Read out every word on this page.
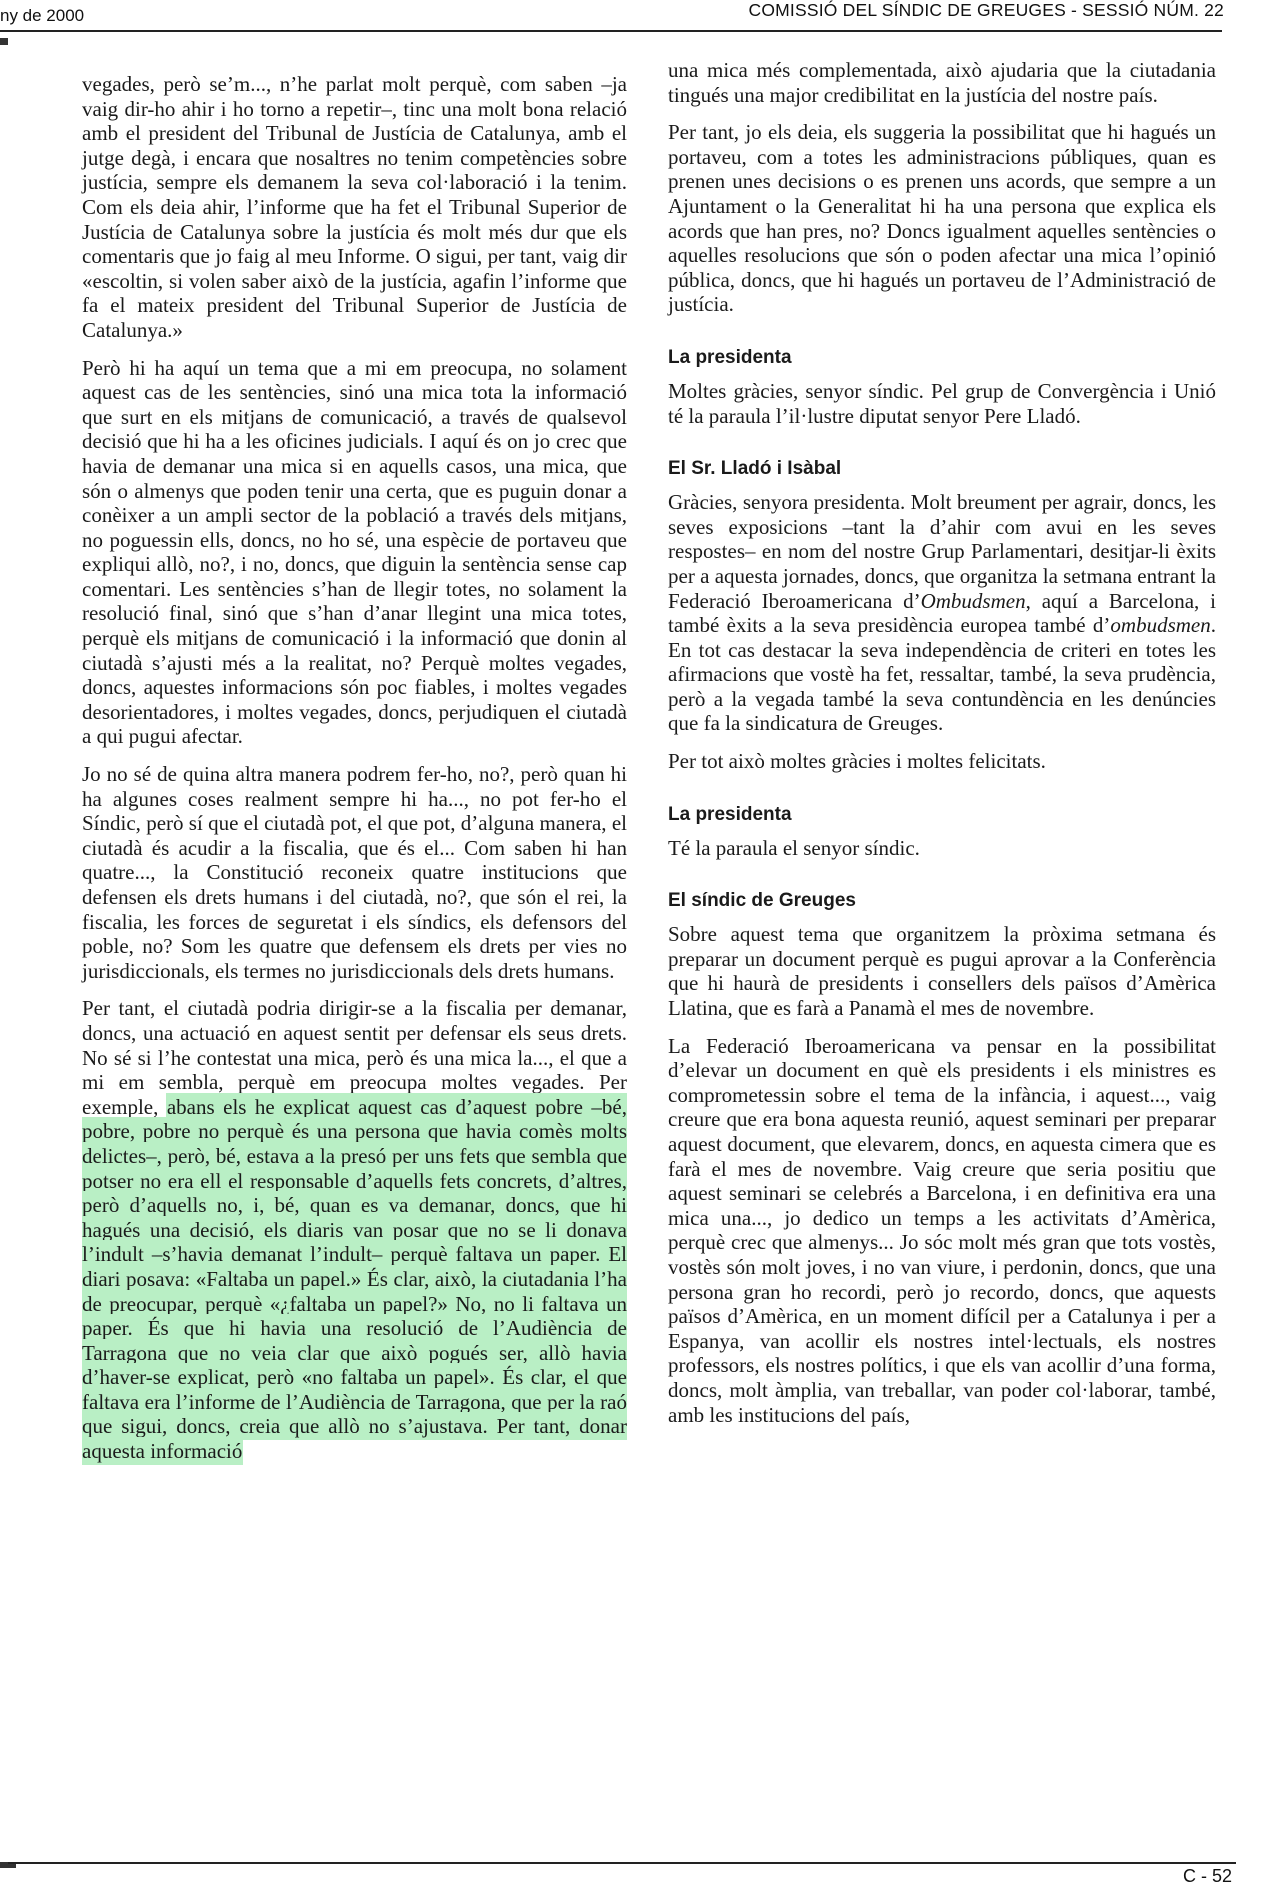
ny de 2000	COMISSIÓ DEL SÍNDIC DE GREUGES - SESSIÓ NÚM. 22

vegades, però se’m..., n’he parlat molt perquè, com saben –ja vaig dir-ho ahir i ho torno a repetir–, tinc una molt bona relació amb el president del Tribunal de Justícia de Catalunya, amb el jutge degà, i encara que nosaltres no tenim competències sobre justícia, sempre els demanem la seva col·laboració i la tenim. Com els deia ahir, l’informe que ha fet el Tribunal Superior de Justícia de Catalunya sobre la justícia és molt més dur que els comentaris que jo faig al meu Informe. O sigui, per tant, vaig dir «escoltin, si volen saber això de la justícia, agafin l’informe que fa el mateix president del Tribunal Superior de Justícia de Catalunya.»

Però hi ha aquí un tema que a mi em preocupa, no solament aquest cas de les sentències, sinó una mica tota la informació que surt en els mitjans de comunicació, a través de qualsevol decisió que hi ha a les oficines judicials. I aquí és on jo crec que havia de demanar una mica si en aquells casos, una mica, que són o almenys que poden tenir una certa, que es puguin donar a conèixer a un ampli sector de la població a través dels mitjans, no poguessin ells, doncs, no ho sé, una espècie de portaveu que expliqui allò, no?, i no, doncs, que diguin la sentència sense cap comentari. Les sentències s’han de llegir totes, no solament la resolució final, sinó que s’han d’anar llegint una mica totes, perquè els mitjans de comunicació i la informació que donin al ciutadà s’ajusti més a la realitat, no? Perquè moltes vegades, doncs, aquestes informacions són poc fiables, i moltes vegades desorientadores, i moltes vegades, doncs, perjudiquen el ciutadà a qui pugui afectar.

Jo no sé de quina altra manera podrem fer-ho, no?, però quan hi ha algunes coses realment sempre hi ha..., no pot fer-ho el Síndic, però sí que el ciutadà pot, el que pot, d’alguna manera, el ciutadà és acudir a la fiscalia, que és el... Com saben hi han quatre..., la Constitució reconeix quatre institucions que defensen els drets humans i del ciutadà, no?, que són el rei, la fiscalia, les forces de seguretat i els síndics, els defensors del poble, no? Som les quatre que defensem els drets per vies no jurisdiccionals, els termes no jurisdiccionals dels drets humans.

Per tant, el ciutadà podria dirigir-se a la fiscalia per demanar, doncs, una actuació en aquest sentit per defensar els seus drets. No sé si l’he contestat una mica, però és una mica la..., el que a mi em sembla, perquè em preocupa moltes vegades. Per exemple, abans els he explicat aquest cas d’aquest pobre –bé, pobre, pobre no perquè és una persona que havia comès molts delictes–, però, bé, estava a la presó per uns fets que sembla que potser no era ell el responsable d’aquells fets concrets, d’altres, però d’aquells no, i, bé, quan es va demanar, doncs, que hi hagués una decisió, els diaris van posar que no se li donava l’indult –s’havia demanat l’indult– perquè faltava un paper. El diari posava: «Faltaba un papel.» És clar, això, la ciutadania l’ha de preocupar, perquè «¿faltaba un papel?» No, no li faltava un paper. És que hi havia una resolució de l’Audiència de Tarragona que no veia clar que això pogués ser, allò havia d’haver-se explicat, però «no faltaba un papel». És clar, el que faltava era l’informe de l’Audiència de Tarragona, que per la raó que sigui, doncs, creia que allò no s’ajustava. Per tant, donar aquesta informació

una mica més complementada, això ajudaria que la ciutadania tingués una major credibilitat en la justícia del nostre país.

Per tant, jo els deia, els suggeria la possibilitat que hi hagués un portaveu, com a totes les administracions públiques, quan es prenen unes decisions o es prenen uns acords, que sempre a un Ajuntament o la Generalitat hi ha una persona que explica els acords que han pres, no? Doncs igualment aquelles sentències o aquelles resolucions que són o poden afectar una mica l’opinió pública, doncs, que hi hagués un portaveu de l’Administració de justícia.

La presidenta

Moltes gràcies, senyor síndic. Pel grup de Convergència i Unió té la paraula l’il·lustre diputat senyor Pere Lladó.

El Sr. Lladó i Isàbal

Gràcies, senyora presidenta. Molt breument per agrair, doncs, les seves exposicions –tant la d’ahir com avui en les seves respostes– en nom del nostre Grup Parlamentari, desitjar-li èxits per a aquesta jornades, doncs, que organitza la setmana entrant la Federació Iberoamericana d’Ombudsmen, aquí a Barcelona, i també èxits a la seva presidència europea també d’ombudsmen. En tot cas destacar la seva independència de criteri en totes les afirmacions que vostè ha fet, ressaltar, també, la seva prudència, però a la vegada també la seva contundència en les denúncies que fa la sindicatura de Greuges.

Per tot això moltes gràcies i moltes felicitats.

La presidenta

Té la paraula el senyor síndic.

El síndic de Greuges

Sobre aquest tema que organitzem la pròxima setmana és preparar un document perquè es pugui aprovar a la Conferència que hi haurà de presidents i consellers dels països d’Amèrica Llatina, que es farà a Panamà el mes de novembre.

La Federació Iberoamericana va pensar en la possibilitat d’elevar un document en què els presidents i els ministres es comprometessin sobre el tema de la infància, i aquest..., vaig creure que era bona aquesta reunió, aquest seminari per preparar aquest document, que elevarem, doncs, en aquesta cimera que es farà el mes de novembre. Vaig creure que seria positiu que aquest seminari se celebrés a Barcelona, i en definitiva era una mica una..., jo dedico un temps a les activitats d’Amèrica, perquè crec que almenys... Jo sóc molt més gran que tots vostès, vostès són molt joves, i no van viure, i perdonin, doncs, que una persona gran ho recordi, però jo recordo, doncs, que aquests països d’Amèrica, en un moment difícil per a Catalunya i per a Espanya, van acollir els nostres intel·lectuals, els nostres professors, els nostres polítics, i que els van acollir d’una forma, doncs, molt àmplia, van treballar, van poder col·laborar, també, amb les institucions del país,

C - 52
